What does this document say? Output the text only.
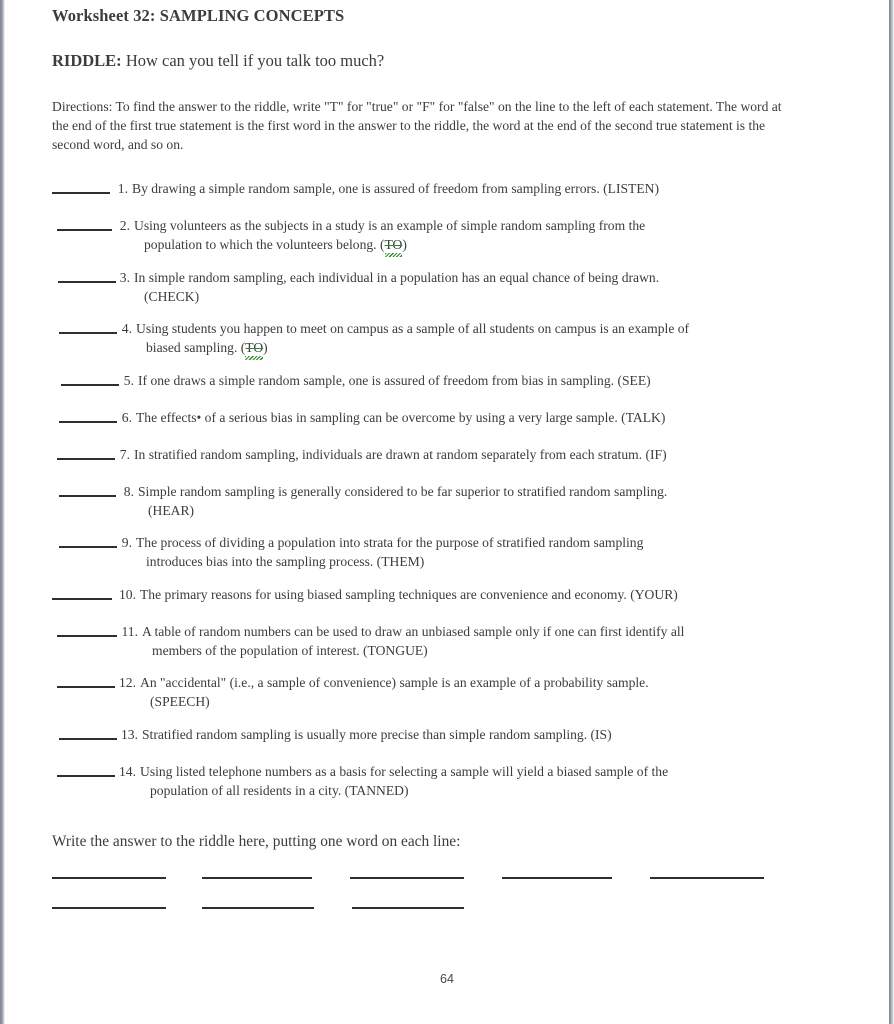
Worksheet 32: SAMPLING CONCEPTS
RIDDLE: How can you tell if you talk too much?

Directions: To find the answer to the riddle, write "T" for "true" or "F" for "false" on the line to the left of each statement. The word at the end of the first true statement is the first word in the answer to the riddle, the word at the end of the second true statement is the second word, and so on.

1. By drawing a simple random sample, one is assured of freedom from sampling errors. (LISTEN)
2. Using volunteers as the subjects in a study is an example of simple random sampling from the
population to which the volunteers belong. (TO)
3. In simple random sampling, each individual in a population has an equal chance of being drawn.
(CHECK)
4. Using students you happen to meet on campus as a sample of all students on campus is an example of
biased sampling. (TO)
5. If one draws a simple random sample, one is assured of freedom from bias in sampling. (SEE)
6. The effects• of a serious bias in sampling can be overcome by using a very large sample. (TALK)
7. In stratified random sampling, individuals are drawn at random separately from each stratum. (IF)
8. Simple random sampling is generally considered to be far superior to stratified random sampling.
(HEAR)
9. The process of dividing a population into strata for the purpose of stratified random sampling
introduces bias into the sampling process. (THEM)
10. The primary reasons for using biased sampling techniques are convenience and economy. (YOUR)
11. A table of random numbers can be used to draw an unbiased sample only if one can first identify all
members of the population of interest. (TONGUE)
12. An "accidental" (i.e., a sample of convenience) sample is an example of a probability sample.
(SPEECH)
13. Stratified random sampling is usually more precise than simple random sampling. (IS)
14. Using listed telephone numbers as a basis for selecting a sample will yield a biased sample of the
population of all residents in a city. (TANNED)
Write the answer to the riddle here, putting one word on each line:
64
